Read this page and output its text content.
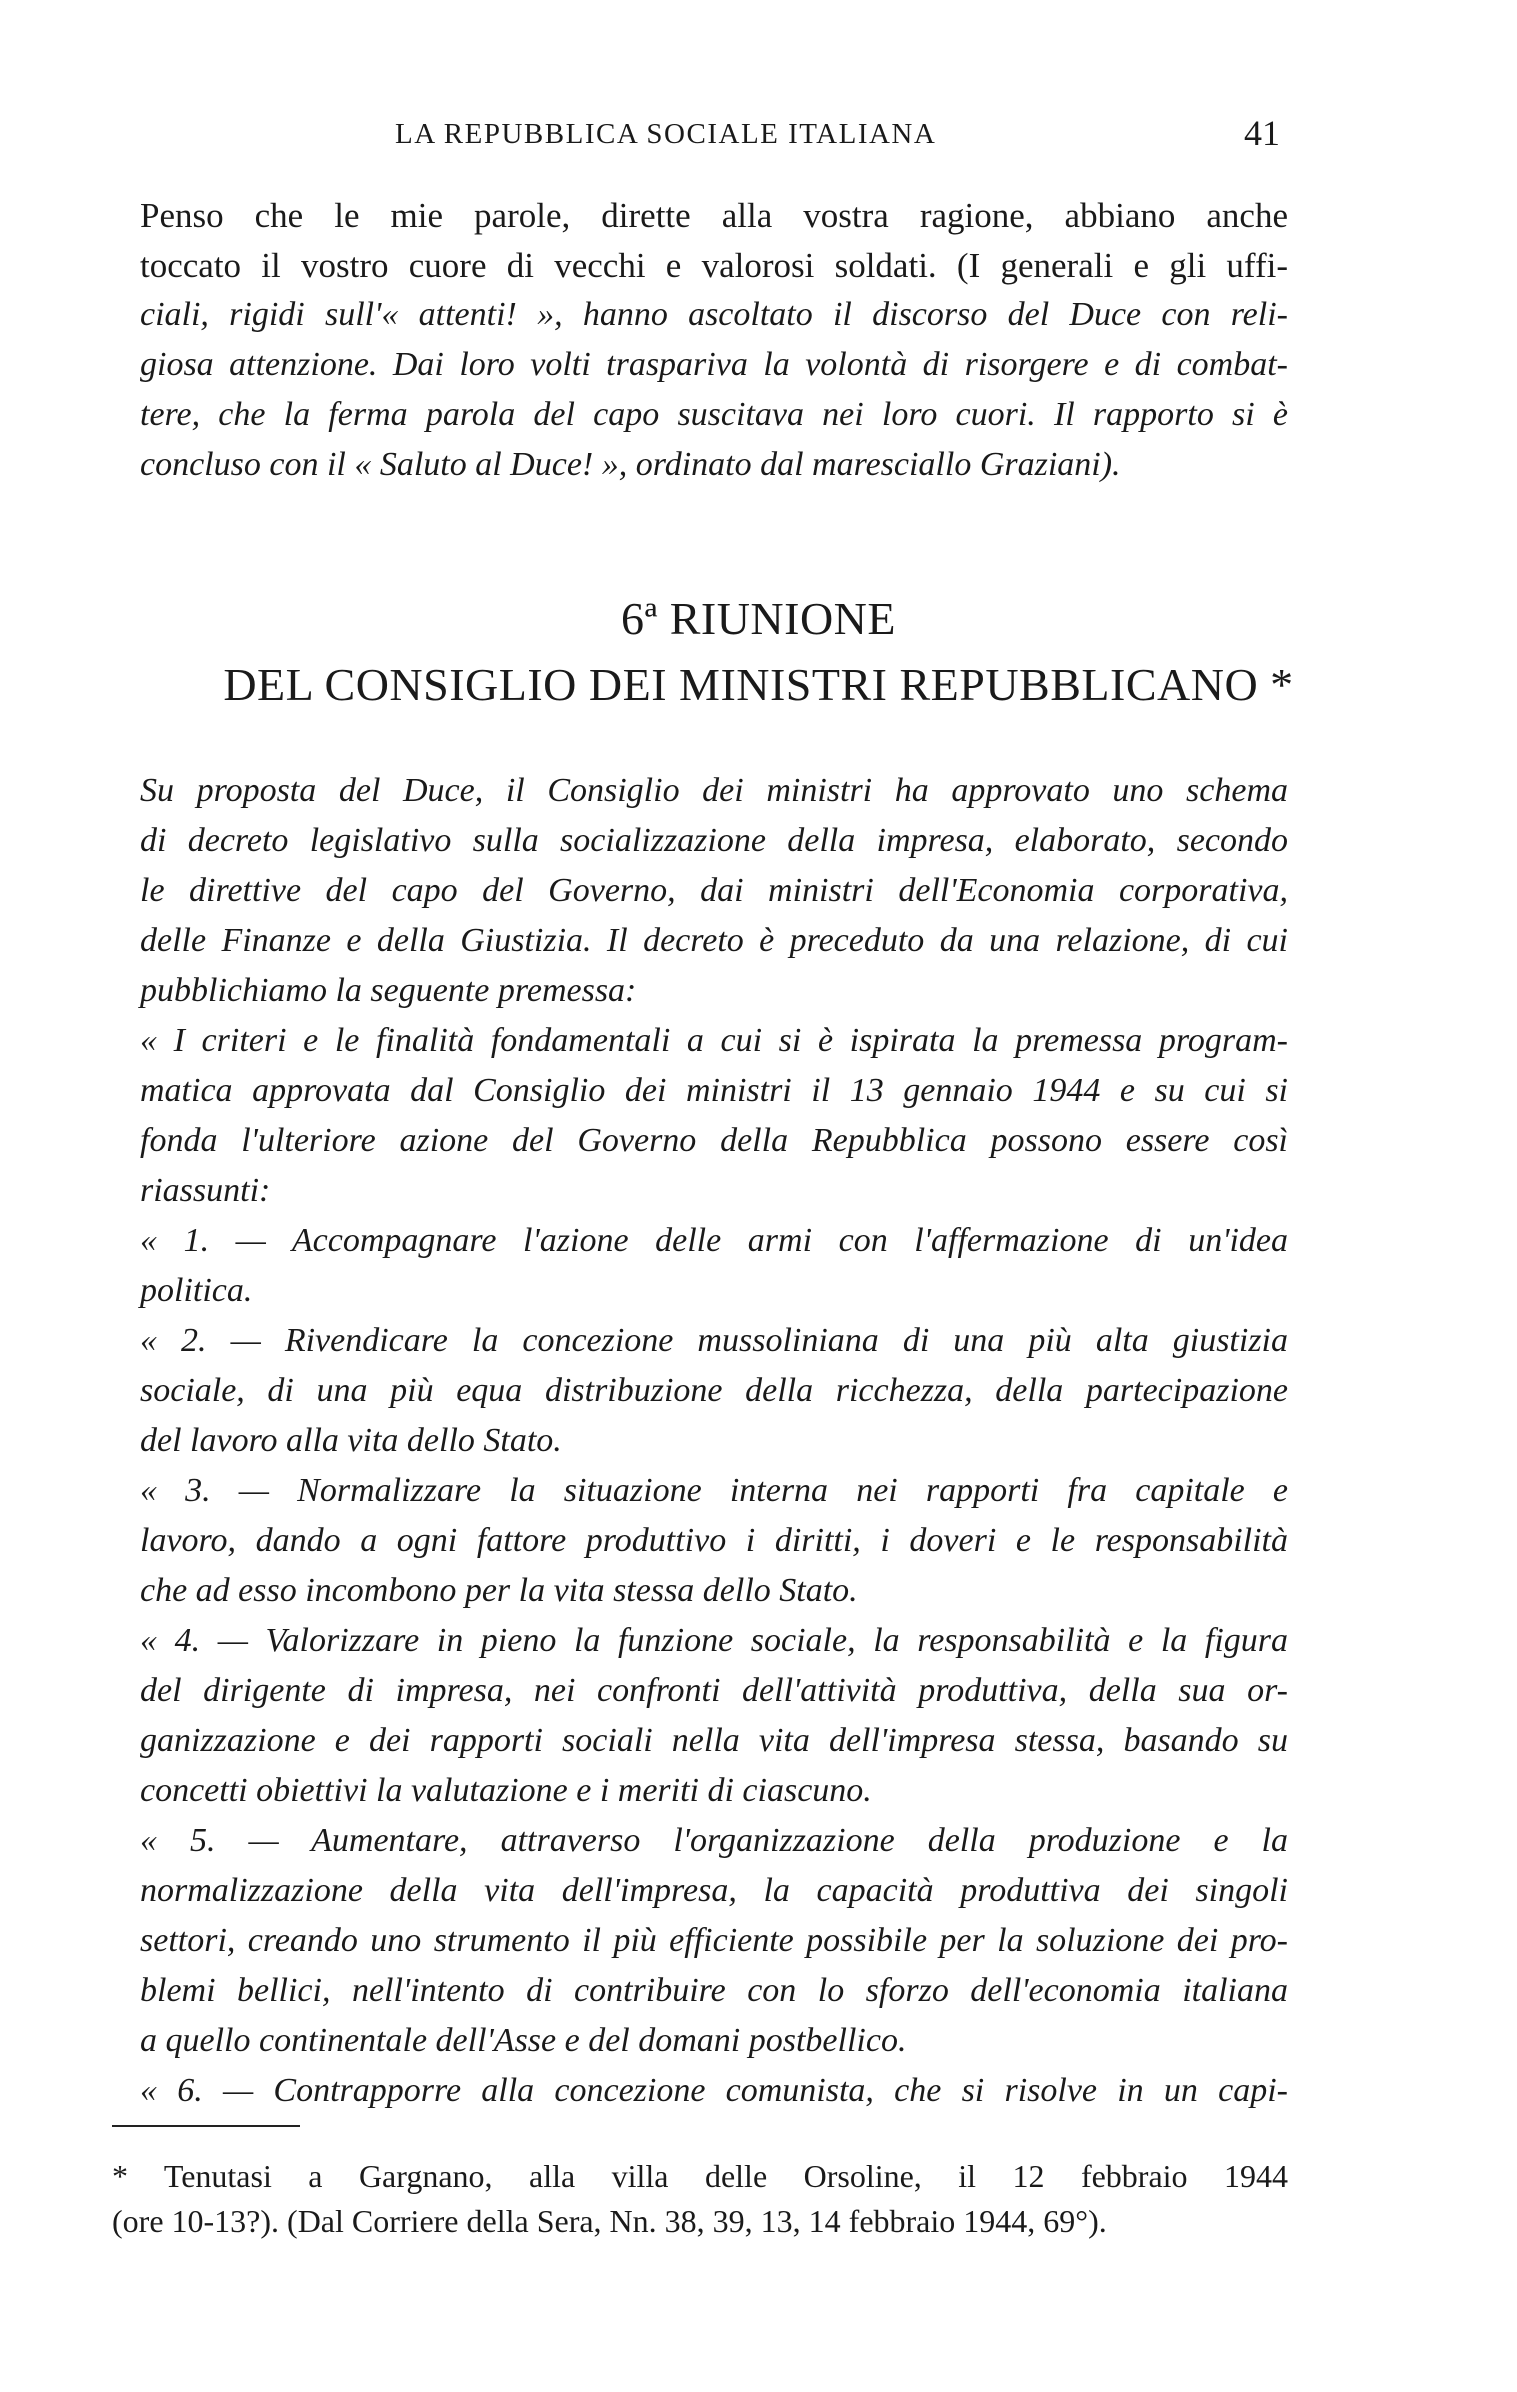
LA REPUBBLICA SOCIALE ITALIANA	41
Penso che le mie parole, dirette alla vostra ragione, abbiano anche
toccato il vostro cuore di vecchi e valorosi soldati. (I generali e gli uffi-
ciali, rigidi sull'« attenti! », hanno ascoltato il discorso del Duce con reli-
giosa attenzione. Dai loro volti traspariva la volontà di risorgere e di combat-
tere, che la ferma parola del capo suscitava nei loro cuori. Il rapporto si è
concluso con il « Saluto al Duce! », ordinato dal maresciallo Graziani).
6ª RIUNIONE
DEL CONSIGLIO DEI MINISTRI REPUBBLICANO *
Su proposta del Duce, il Consiglio dei ministri ha approvato uno schema
di decreto legislativo sulla socializzazione della impresa, elaborato, secondo
le direttive del capo del Governo, dai ministri dell'Economia corporativa,
delle Finanze e della Giustizia. Il decreto è preceduto da una relazione, di cui
pubblichiamo la seguente premessa:
« I criteri e le finalità fondamentali a cui si è ispirata la premessa program-
matica approvata dal Consiglio dei ministri il 13 gennaio 1944 e su cui si
fonda l'ulteriore azione del Governo della Repubblica possono essere così
riassunti:
« 1. — Accompagnare l'azione delle armi con l'affermazione di un'idea
politica.
« 2. — Rivendicare la concezione mussoliniana di una più alta giustizia
sociale, di una più equa distribuzione della ricchezza, della partecipazione
del lavoro alla vita dello Stato.
« 3. — Normalizzare la situazione interna nei rapporti fra capitale e
lavoro, dando a ogni fattore produttivo i diritti, i doveri e le responsabilità
che ad esso incombono per la vita stessa dello Stato.
« 4. — Valorizzare in pieno la funzione sociale, la responsabilità e la figura
del dirigente di impresa, nei confronti dell'attività produttiva, della sua or-
ganizzazione e dei rapporti sociali nella vita dell'impresa stessa, basando su
concetti obiettivi la valutazione e i meriti di ciascuno.
« 5. — Aumentare, attraverso l'organizzazione della produzione e la
normalizzazione della vita dell'impresa, la capacità produttiva dei singoli
settori, creando uno strumento il più efficiente possibile per la soluzione dei pro-
blemi bellici, nell'intento di contribuire con lo sforzo dell'economia italiana
a quello continentale dell'Asse e del domani postbellico.
« 6. — Contrapporre alla concezione comunista, che si risolve in un capi-
* Tenutasi a Gargnano, alla villa delle Orsoline, il 12 febbraio 1944
(ore 10-13?). (Dal Corriere della Sera, Nn. 38, 39, 13, 14 febbraio 1944, 69°).
